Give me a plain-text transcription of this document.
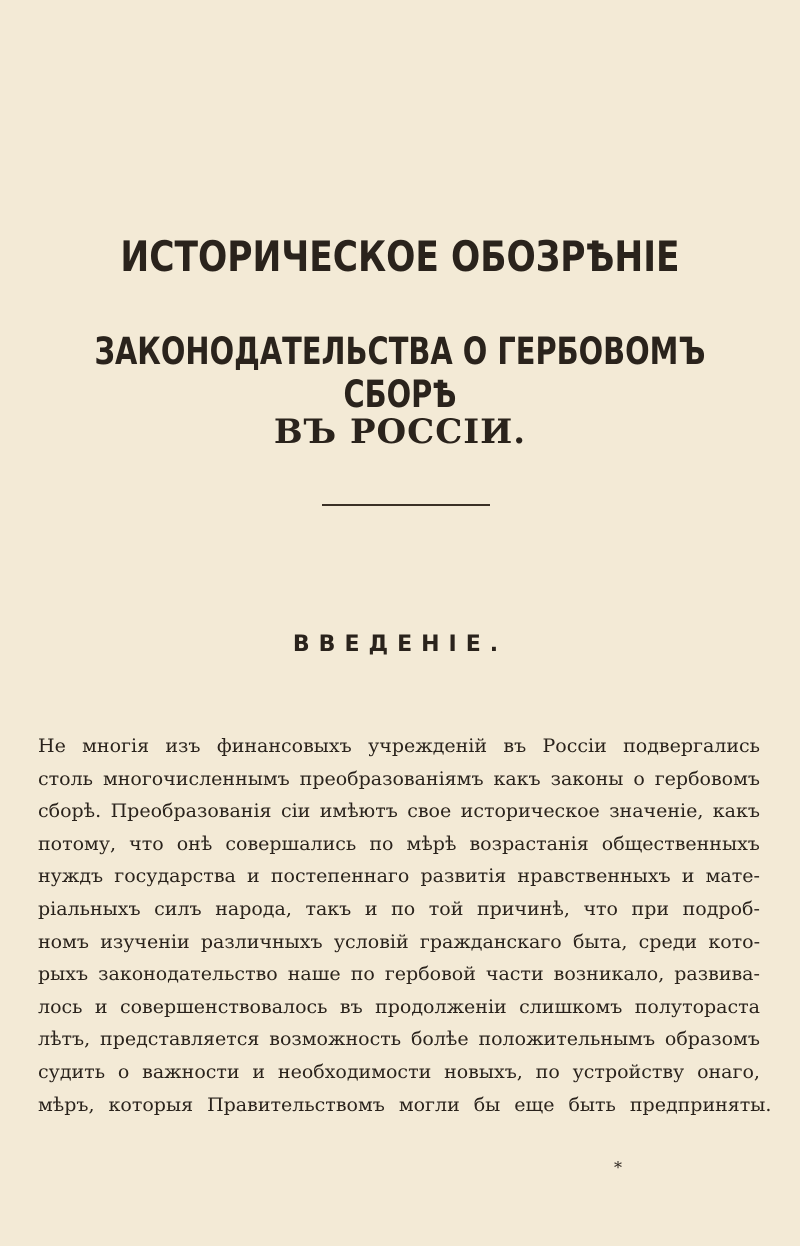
ИСТОРИЧЕСКОЕ ОБОЗРѢНІЕ
ЗАКОНОДАТЕЛЬСТВА О ГЕРБОВОМЪ СБОРѢ
ВЪ РОССІИ.
ВВЕДЕНІЕ.
Не многія изъ финансовыхъ учрежденій въ Россіи подвергались
столь многочисленнымъ преобразованіямъ какъ законы о гербовомъ
сборѣ. Преобразованія сіи имѣютъ свое историческое значеніе, какъ
потому, что онѣ совершались по мѣрѣ возрастанія общественныхъ
нуждъ государства и постепеннаго развитія нравственныхъ и мате-
ріальныхъ силъ народа, такъ и по той причинѣ, что при подроб-
номъ изученіи различныхъ условій гражданскаго быта, среди кото-
рыхъ законодательство наше по гербовой части возникало, развива-
лось и совершенствовалось въ продолженіи слишкомъ полутораста
лѣтъ, представляется возможность болѣе положительнымъ образомъ
судить о важности и необходимости новыхъ, по устройству онаго,
мѣръ, которыя Правительствомъ могли бы еще быть предприняты.
*
